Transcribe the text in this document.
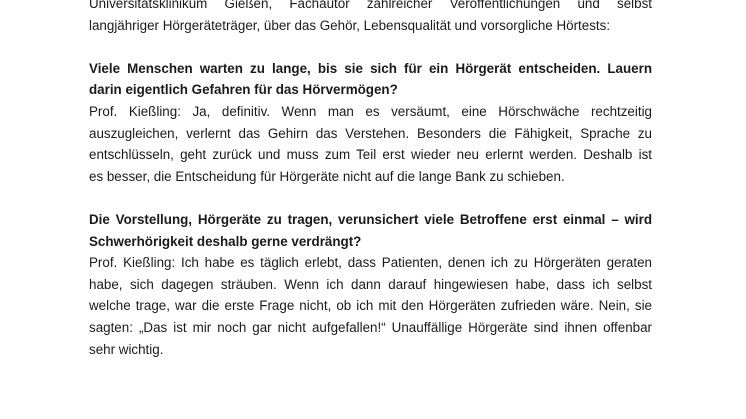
Universitätsklinikum Gießen, Fachautor zahlreicher Veröffentlichungen und selbst
langjähriger Hörgeräteträger, über das Gehör, Lebensqualität und vorsorgliche Hörtests:
Viele Menschen warten zu lange, bis sie sich für ein Hörgerät entscheiden. Lauern
darin eigentlich Gefahren für das Hörvermögen?
Prof. Kießling: Ja, definitiv. Wenn man es versäumt, eine Hörschwäche rechtzeitig
auszugleichen, verlernt das Gehirn das Verstehen. Besonders die Fähigkeit, Sprache zu
entschlüsseln, geht zurück und muss zum Teil erst wieder neu erlernt werden. Deshalb ist
es besser, die Entscheidung für Hörgeräte nicht auf die lange Bank zu schieben.
Die Vorstellung, Hörgeräte zu tragen, verunsichert viele Betroffene erst einmal – wird
Schwerhörigkeit deshalb gerne verdrängt?
Prof. Kießling: Ich habe es täglich erlebt, dass Patienten, denen ich zu Hörgeräten geraten
habe, sich dagegen sträuben. Wenn ich dann darauf hingewiesen habe, dass ich selbst
welche trage, war die erste Frage nicht, ob ich mit den Hörgeräten zufrieden wäre. Nein, sie
sagten: „Das ist mir noch gar nicht aufgefallen!“ Unauffällige Hörgeräte sind ihnen offenbar
sehr wichtig.
